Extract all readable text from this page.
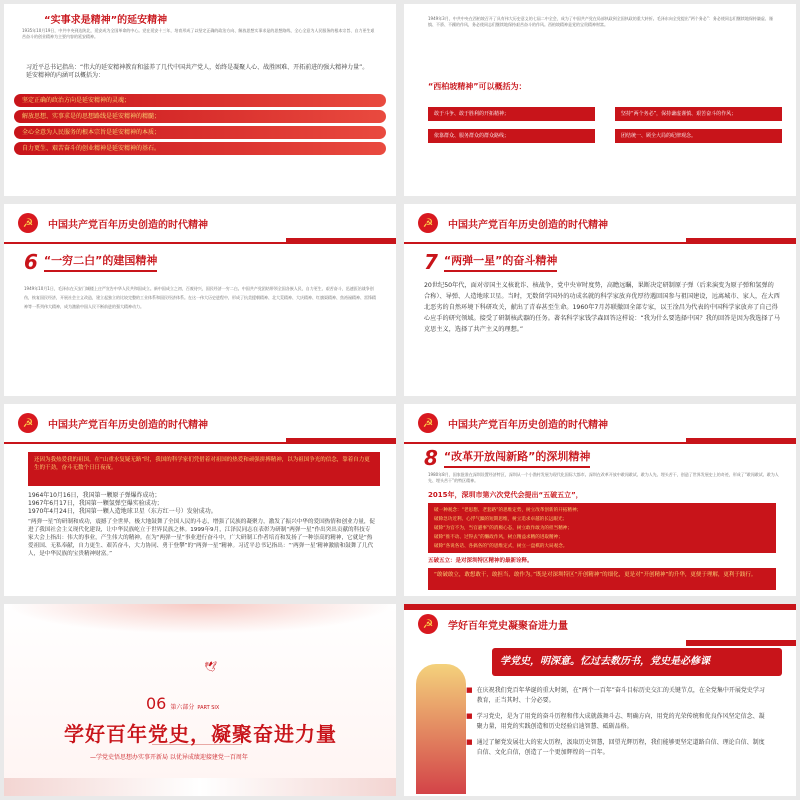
“实事求是精神”的延安精神
1935年10月19日，中共中央到达陕北，延安成为全国革命的中心。党在延安十三年，培育形成了以坚定正确的政治方向、解放思想实事求是的思想路线、全心全意为人民服务的根本宗旨、自力更生艰苦奋斗的创业精神为主要内容的延安精神。
习近平总书记指出：“伟大的延安精神教育和滋养了几代中国共产党人，始终是凝聚人心、战胜困难、开拓前进的强大精神力量”。延安精神的内涵可以概括为：
坚定正确的政治方向是延安精神的灵魂；
解放思想、实事求是的思想路线是延安精神的精髓；
全心全意为人民服务的根本宗旨是延安精神的本质；
自力更生、艰苦奋斗的创业精神是延安精神的基石。
1949年3月，中共中央在西柏坡召开了具有伟大历史意义的七届二中全会，成为了中国共产党在局部执政到全国执政的重大转折。毛泽东向全党提出“两个务必”：务必使同志们继续地保持谦虚、谨慎、不骄、不躁的作风，务必使同志们继续地保持艰苦奋斗的作风。西柏坡精神是党的宝贵精神财富。
“西柏坡精神”可以概括为：
敢于斗争、敢于胜利的开拓精神；	坚持“两个务必”，保持谦虚谨慎、艰苦奋斗的作风；
依靠群众、服务群众的群众路线；	团结统一、顾全大局的纪律观念。
☭	中国共产党百年历史创造的时代精神
6 “一穷二白”的建国精神
1949年10月1日，毛泽东在天安门城楼上庄严宣告中华人民共和国成立。新中国成立之初，百废待兴，国民经济一穷二白。中国共产党团结带领全国各族人民，自力更生、艰苦奋斗，迅速医治战争创伤，恢复国民经济，开展社会主义改造，建立起独立的比较完整的工业体系和国民经济体系。在这一伟大历史进程中，形成了抗美援朝精神、北大荒精神、大庆精神、红旗渠精神、焦裕禄精神、雷锋精神等一系列伟大精神，成为激励中国人民不断前进的强大精神动力。
☭	中国共产党百年历史创造的时代精神
7 “两弹一星”的奋斗精神
20世纪50年代，面对帝国主义核讹诈、核战争，党中央审时度势，高瞻远瞩，果断决定研制原子弹（后来演变为原子弹和氢弹的合称）、导弹、人造地球卫星。当时，无数留学国外的功成名就的科学家放弃优厚待遇回国参与祖国建设，远离城市、家人，在大西北恶劣的自然环境下科研攻关，献出了青春甚至生命。1960年7月苏联撤回全部专家，以王淦昌为代表的中国科学家放弃了自己得心应手的研究领域。接受了研制核武器的任务。著名科学家钱学森回答这样说：“我为什么要选择中国？我的回答是因为我选择了马克思主义，选择了共产主义的理想。”
☭	中国共产党百年历史创造的时代精神
还因为我热爱我的祖国，在“山重水复疑无路”时，我国的科学家们凭借着对祖国的热爱和顽强拼搏精神，以为祖国争光的信念，靠着自力更生的干劲，奋斗无数个日日夜夜。
1964年10月16日，我国第一颗原子弹爆炸成功；
1967年6月17日，我国第一颗氢弹空爆实验成功；
1970年4月24日，我国第一颗人造地球卫星（东方红一号）发射成功。
“两弹一星”的研制和成功，震撼了全世界，极大地鼓舞了全国人民的斗志，增强了民族的凝聚力，激发了振兴中华的爱国热情和创业力量，促进了我国社会主义现代化建设，让中华民族屹立于世界民族之林。1999年9月，江泽民同志在表彰为研制“两弹一星”作出突出贡献的科技专家大会上指出：伟大的事业，产生伟大的精神。在为“两弹一星”事业进行奋斗中，广大研制工作者培育和发扬了一种崇高的精神，它就是“热爱祖国、无私奉献，自力更生、艰苦奋斗，大力协同、勇于登攀”的“两弹一星”精神。习近平总书记指出：“‘两弹一星’精神激励和鼓舞了几代人，是中华民族的宝贵精神财富。”
☭	中国共产党百年历史创造的时代精神
8 “改革开放闯新路”的深圳精神
1980年8月，国家批准在深圳设置经济特区，深圳从一个小渔村发展为现代化国际大都市。深圳在改革开放中敢闯敢试、敢为人先、埋头苦干，创造了世界发展史上的奇迹，形成了“敢闯敢试、敢为人先、埋头苦干”的特区精神。
2015年，深圳市第六次党代会提出“五破五立”，
破一种观念：“老思想、老套路”的思维定势，树立改革创新的开拓精神；
破除急功近利、心浮气躁的短期思维，树立追求卓越的长远眼光；
破除“为官不为，当官避事”的消极心态，树立敢作敢为的担当精神；
破除“推不动、过得去”的懒政作风，树立精益求精的进取精神；
破除“各说各话、各搞各的”的思维定式，树立一盘棋的大局观念。
五破五立：是对深圳特区精神的最新诠释。
“敢破敢立，敢想敢干，敢担当，敢作为。”既是对深圳特区“开创精神”的细化，更是对“开创精神”的升华，更便于理解，更利于践行。
🕊
06 第六部分 PART SIX
学好百年党史，凝聚奋进力量
—学党史悟思想办实事开新局 以优异成绩迎接建党一百周年
☭	学好百年党史凝聚奋进力量
学党史，明深意。忆过去数历书，党史是必修课
■ 在庆祝我们党百年华诞的重大时刻，在“两个一百年”奋斗目标历史交汇的关键节点，在全党集中开展党史学习教育，正当其时、十分必要。
■ 学习党史，是为了用党的奋斗历程和伟大成就鼓舞斗志、明确方向，用党的光荣传统和优良作风坚定信念、凝聚力量，用党的实践创造和历史经验启迪智慧、砥砺品格。
■ 通过了解党发展壮大的宏大历程，汲取历史智慧，回望光辉历程，我们能够更坚定道路自信、理论自信、制度自信、文化自信，创造了一个更加辉煌的一百年。
